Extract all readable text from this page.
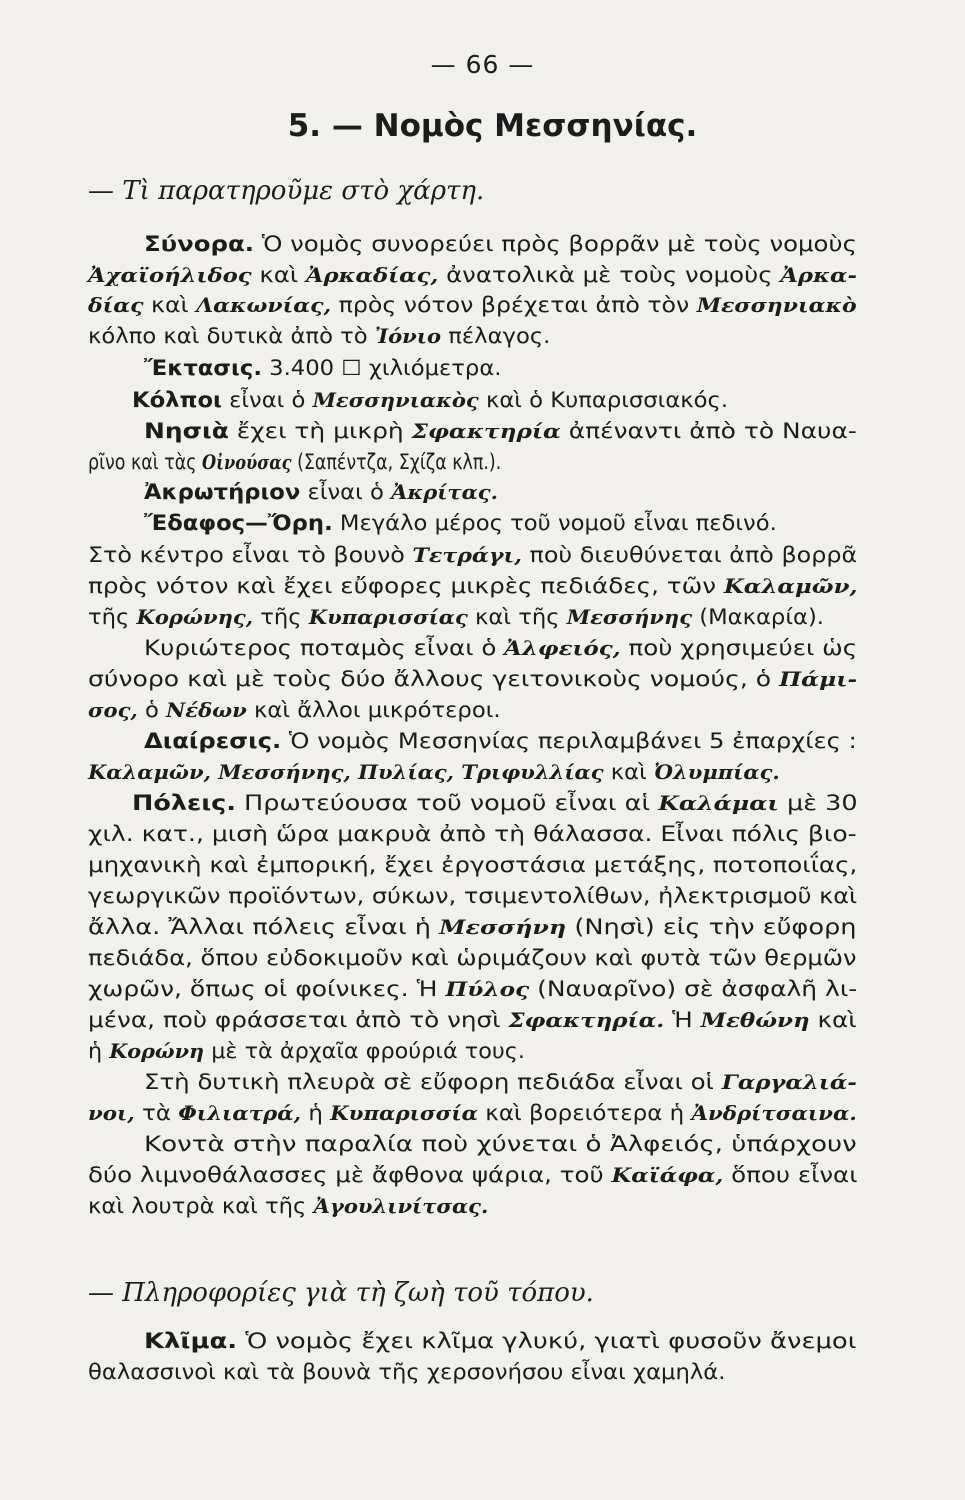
— 66 —
5. — Νομὸς Μεσσηνίας.
— Τὶ παρατηροῦμε στὸ χάρτη.
— Πληροφορίες γιὰ τὴ ζωὴ τοῦ τόπου.
Σύνορα. Ὁ νομὸς συνορεύει πρὸς βορρᾶν μὲ τοὺς νομοὺς
Ἀχαϊοήλιδος καὶ Ἀρκαδίας, ἀνατολικὰ μὲ τοὺς νομοὺς Ἀρκα-
δίας καὶ Λακωνίας, πρὸς νότον βρέχεται ἀπὸ τὸν Μεσσηνιακὸ
κόλπο καὶ δυτικὰ ἀπὸ τὸ Ἰόνιο πέλαγος.
Ἔκτασις. 3.400 ☐ χιλιόμετρα.
Κόλποι εἶναι ὁ Μεσσηνιακὸς καὶ ὁ Κυπαρισσιακός.
Νησιὰ ἔχει τὴ μικρὴ Σφακτηρία ἀπέναντι ἀπὸ τὸ Ναυα-
ρῖνο καὶ τὰς Οἰνούσας (Σαπέντζα, Σχίζα κλπ.).
Ἀκρωτήριον εἶναι ὁ Ἀκρίτας.
Ἔδαφος—Ὄρη. Μεγάλο μέρος τοῦ νομοῦ εἶναι πεδινό.
Στὸ κέντρο εἶναι τὸ βουνὸ Τετράγι, ποὺ διευθύνεται ἀπὸ βορρᾶ
πρὸς νότον καὶ ἔχει εὔφορες μικρὲς πεδιάδες, τῶν Καλαμῶν,
τῆς Κορώνης, τῆς Κυπαρισσίας καὶ τῆς Μεσσήνης (Μακαρία).
Κυριώτερος ποταμὸς εἶναι ὁ Ἀλφειός, ποὺ χρησιμεύει ὡς
σύνορο καὶ μὲ τοὺς δύο ἄλλους γειτονικοὺς νομούς, ὁ Πάμι-
σος, ὁ Νέδων καὶ ἄλλοι μικρότεροι.
Διαίρεσις. Ὁ νομὸς Μεσσηνίας περιλαμβάνει 5 ἐπαρχίες :
Καλαμῶν, Μεσσήνης, Πυλίας, Τριφυλλίας καὶ Ὀλυμπίας.
Πόλεις. Πρωτεύουσα τοῦ νομοῦ εἶναι αἱ Καλάμαι μὲ 30
χιλ. κατ., μισὴ ὥρα μακρυὰ ἀπὸ τὴ θάλασσα. Εἶναι πόλις βιο-
μηχανικὴ καὶ ἐμπορική, ἔχει ἐργοστάσια μετάξης, ποτοποιΐας,
γεωργικῶν προϊόντων, σύκων, τσιμεντολίθων, ἠλεκτρισμοῦ καὶ
ἄλλα. Ἄλλαι πόλεις εἶναι ἡ Μεσσήνη (Νησὶ) εἰς τὴν εὔφορη
πεδιάδα, ὅπου εὐδοκιμοῦν καὶ ὡριμάζουν καὶ φυτὰ τῶν θερμῶν
χωρῶν, ὅπως οἱ φοίνικες. Ἡ Πύλος (Ναυαρῖνο) σὲ ἀσφαλῆ λι-
μένα, ποὺ φράσσεται ἀπὸ τὸ νησὶ Σφακτηρία. Ἡ Μεθώνη καὶ
ἡ Κορώνη μὲ τὰ ἀρχαῖα φρούριά τους.
Στὴ δυτικὴ πλευρὰ σὲ εὔφορη πεδιάδα εἶναι οἱ Γαργαλιά-
νοι, τὰ Φιλιατρά, ἡ Κυπαρισσία καὶ βορειότερα ἡ Ἀνδρίτσαινα.
Κοντὰ στὴν παραλία ποὺ χύνεται ὁ Ἀλφειός, ὑπάρχουν
δύο λιμνοθάλασσες μὲ ἄφθονα ψάρια, τοῦ Καϊάφα, ὅπου εἶναι
καὶ λουτρὰ καὶ τῆς Ἀγουλινίτσας.
Κλῖμα. Ὁ νομὸς ἔχει κλῖμα γλυκύ, γιατὶ φυσοῦν ἄνεμοι
θαλασσινοὶ καὶ τὰ βουνὰ τῆς χερσονήσου εἶναι χαμηλά.
